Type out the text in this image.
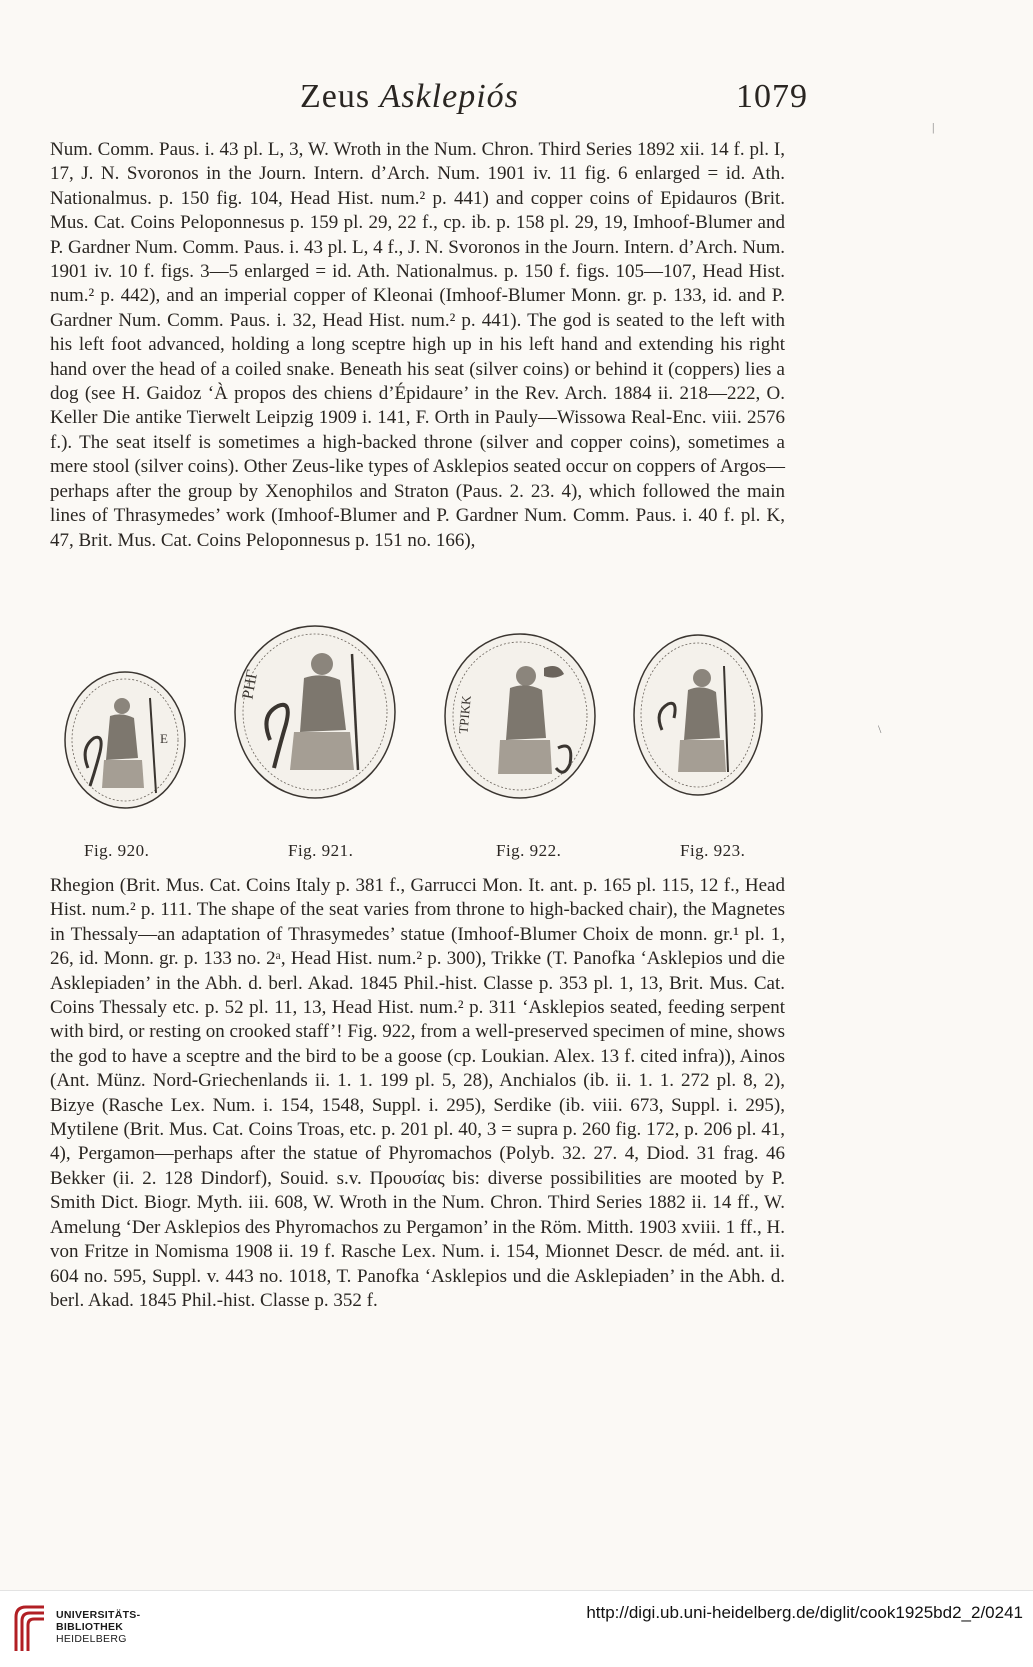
Zeus Asklepiós	1079

Num. Comm. Paus. i. 43 pl. L, 3, W. Wroth in the Num. Chron. Third Series 1892 xii. 14 f. pl. I, 17, J. N. Svoronos in the Journ. Intern. d’Arch. Num. 1901 iv. 11 fig. 6 enlarged = id. Ath. Nationalmus. p. 150 fig. 104, Head Hist. num.² p. 441) and copper coins of Epidauros (Brit. Mus. Cat. Coins Peloponnesus p. 159 pl. 29, 22 f., cp. ib. p. 158 pl. 29, 19, Imhoof-Blumer and P. Gardner Num. Comm. Paus. i. 43 pl. L, 4 f., J. N. Svoronos in the Journ. Intern. d’Arch. Num. 1901 iv. 10 f. figs. 3—5 enlarged = id. Ath. Nationalmus. p. 150 f. figs. 105—107, Head Hist. num.² p. 442), and an imperial copper of Kleonai (Imhoof-Blumer Monn. gr. p. 133, id. and P. Gardner Num. Comm. Paus. i. 32, Head Hist. num.² p. 441). The god is seated to the left with his left foot advanced, holding a long sceptre high up in his left hand and extending his right hand over the head of a coiled snake. Beneath his seat (silver coins) or behind it (coppers) lies a dog (see H. Gaidoz ‘À propos des chiens d’Épidaure’ in the Rev. Arch. 1884 ii. 218—222, O. Keller Die antike Tierwelt Leipzig 1909 i. 141, F. Orth in Pauly—Wissowa Real-Enc. viii. 2576 f.). The seat itself is sometimes a high-backed throne (silver and copper coins), sometimes a mere stool (silver coins). Other Zeus-like types of Asklepios seated occur on coppers of Argos—perhaps after the group by Xenophilos and Straton (Paus. 2. 23. 4), which followed the main lines of Thrasymedes’ work (Imhoof-Blumer and P. Gardner Num. Comm. Paus. i. 40 f. pl. K, 47, Brit. Mus. Cat. Coins Peloponnesus p. 151 no. 166),

E
РНГ
ΤΡΙΚΚ
Fig. 920.	Fig. 921.	Fig. 922.	Fig. 923.

Rhegion (Brit. Mus. Cat. Coins Italy p. 381 f., Garrucci Mon. It. ant. p. 165 pl. 115, 12 f., Head Hist. num.² p. 111. The shape of the seat varies from throne to high-backed chair), the Magnetes in Thessaly—an adaptation of Thrasymedes’ statue (Imhoof-Blumer Choix de monn. gr.¹ pl. 1, 26, id. Monn. gr. p. 133 no. 2ᵃ, Head Hist. num.² p. 300), Trikke (T. Panofka ‘Asklepios und die Asklepiaden’ in the Abh. d. berl. Akad. 1845 Phil.-hist. Classe p. 353 pl. 1, 13, Brit. Mus. Cat. Coins Thessaly etc. p. 52 pl. 11, 13, Head Hist. num.² p. 311 ‘Asklepios seated, feeding serpent with bird, or resting on crooked staff’! Fig. 922, from a well-preserved specimen of mine, shows the god to have a sceptre and the bird to be a goose (cp. Loukian. Alex. 13 f. cited infra)), Ainos (Ant. Münz. Nord-Griechenlands ii. 1. 1. 199 pl. 5, 28), Anchialos (ib. ii. 1. 1. 272 pl. 8, 2), Bizye (Rasche Lex. Num. i. 154, 1548, Suppl. i. 295), Serdike (ib. viii. 673, Suppl. i. 295), Mytilene (Brit. Mus. Cat. Coins Troas, etc. p. 201 pl. 40, 3 = supra p. 260 fig. 172, p. 206 pl. 41, 4), Pergamon—perhaps after the statue of Phyromachos (Polyb. 32. 27. 4, Diod. 31 frag. 46 Bekker (ii. 2. 128 Dindorf), Souid. s.v. Προυσίας bis: diverse possibilities are mooted by P. Smith Dict. Biogr. Myth. iii. 608, W. Wroth in the Num. Chron. Third Series 1882 ii. 14 ff., W. Amelung ‘Der Asklepios des Phyromachos zu Pergamon’ in the Röm. Mitth. 1903 xviii. 1 ff., H. von Fritze in Nomisma 1908 ii. 19 f. Rasche Lex. Num. i. 154, Mionnet Descr. de méd. ant. ii. 604 no. 595, Suppl. v. 443 no. 1018, T. Panofka ‘Asklepios und die Asklepiaden’ in the Abh. d. berl. Akad. 1845 Phil.-hist. Classe p. 352 f.

|
\
UNIVERSITÄTS-
BIBLIOTHEK
HEIDELBERG
http://digi.ub.uni-heidelberg.de/diglit/cook1925bd2_2/0241
